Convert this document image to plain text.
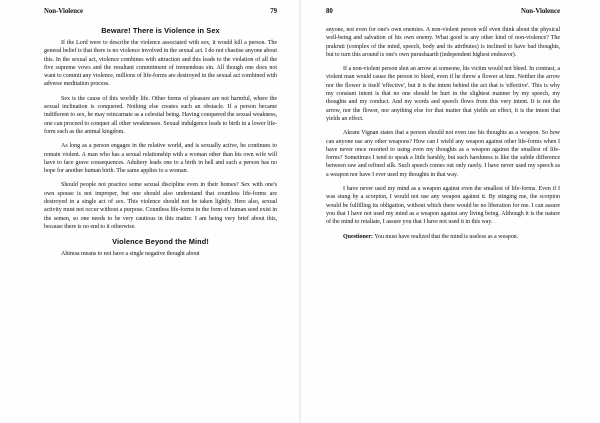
Non-Violence	79
Beware! There is Violence in Sex

If the Lord were to describe the violence associated with sex, it would kill a person. The general belief is that there is no violence involved in the sexual act. I do not chastise anyone about this. In the sexual act, violence combines with attraction and this leads to the violation of all the five supreme vows and the resultant commitment of tremendous sin. All though one does not want to commit any violence, millions of life-forms are destroyed in the sexual act combined with adverse meditation process.

Sex is the cause of this worldly life. Other forms of pleasure are not harmful, where the sexual inclination is conquered. Nothing else creates such an obstacle. If a person became indifferent to sex, he may reincarnate as a celestial being. Having conquered the sexual weakness, one can proceed to conquer all other weaknesses. Sexual indulgence leads to birth in a lower life-form such as the animal kingdom.

As long as a person engages in the relative world, and is sexually active, he continues to remain violent. A man who has a sexual relationship with a woman other than his own wife will have to face grave consequences. Adultery leads one to a birth in hell and such a person has no hope for another human birth. The same applies to a woman.

Should people not practice some sexual discipline even in their homes? Sex with one's own spouse is not improper, but one should also understand that countless life-forms are destroyed in a single act of sex. This violence should not be taken lightly. Here also, sexual activity must not occur without a purpose. Countless life-forms in the form of human seed exist in the semen, so one needs to be very cautious in this matter. I am being very brief about this, because there is no end to it otherwise.

Violence Beyond the Mind!

Ahimsa means to not have a single negative thought about

80	Non-Violence

anyone, not even for one's own enemies. A non-violent person will even think about the physical well-being and salvation of his own enemy. What good is any other kind of non-violence? The prakruti (complex of the mind, speech, body and its attributes) is inclined to have bad thoughts, but to turn this around is one's own purushaarth (independent highest endeavor).

If a non-violent person shot an arrow at someone, his victim would not bleed. In contrast, a violent man would cause the person to bleed, even if he threw a flower at him. Neither the arrow nor the flower is itself 'effective', but it is the intent behind the act that is 'effective'. This is why my constant intent is that no one should be hurt in the slightest manner by my speech, my thoughts and my conduct. And my words and speech flows from this very intent. It is not the arrow, nor the flower, nor anything else for that matter that yields an effect, it is the intent that yields an effect.

Akram Vignan states that a person should not even use his thoughts as a weapon. So how can anyone use any other weapons? How can I wield any weapon against other life-forms when I have never once resorted to using even my thoughts as a weapon against the smallest of life-forms? Sometimes I tend to speak a little harshly, but such harshness is like the subtle difference between raw and refined silk. Such speech comes out only rarely. I have never used my speech as a weapon nor have I ever used my thoughts in that way.

I have never used my mind as a weapon against even the smallest of life-forms. Even if I was stung by a scorpion, I would not use any weapon against it. By stinging me, the scorpion would be fulfilling its obligation, without which there would be no liberation for me. I can assure you that I have not used my mind as a weapon against any living being. Although it is the nature of the mind to retaliate, I assure you that I have not used it in this way.

Questioner: You must have realized that the mind is useless as a weapon.
